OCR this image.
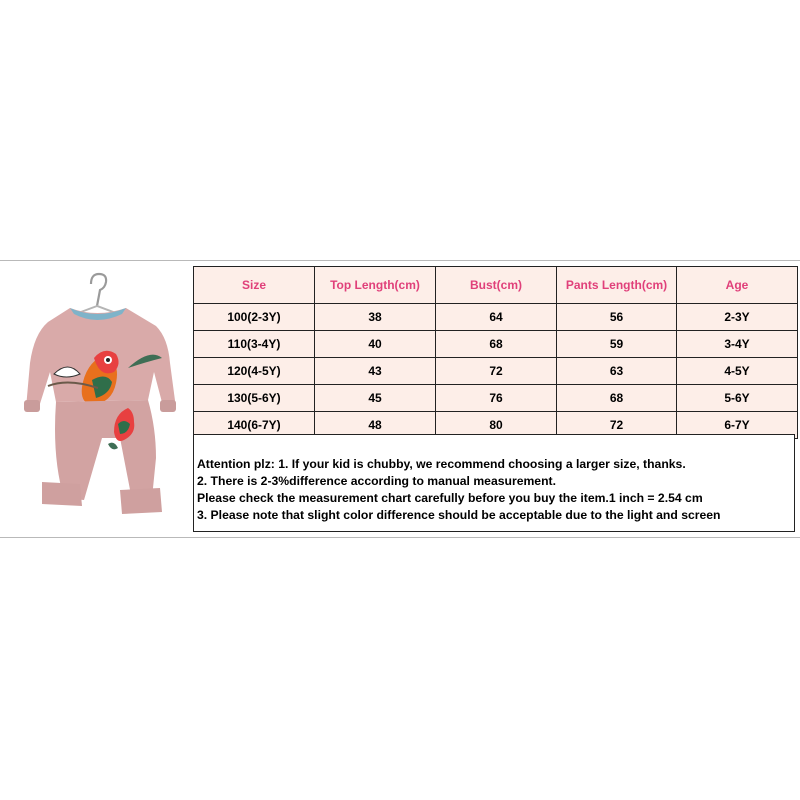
Size	Top Length(cm)	Bust(cm)	Pants Length(cm)	Age
100(2-3Y)	38	64	56	2-3Y
110(3-4Y)	40	68	59	3-4Y
120(4-5Y)	43	72	63	4-5Y
130(5-6Y)	45	76	68	5-6Y
140(6-7Y)	48	80	72	6-7Y
Attention plz: 1. If your kid is chubby, we recommend choosing a larger size, thanks.
2. There is 2-3%difference according to manual measurement.
Please check the measurement chart carefully before you buy the item.1 inch = 2.54 cm
3. Please note that slight color difference should be acceptable due to the light and screen
